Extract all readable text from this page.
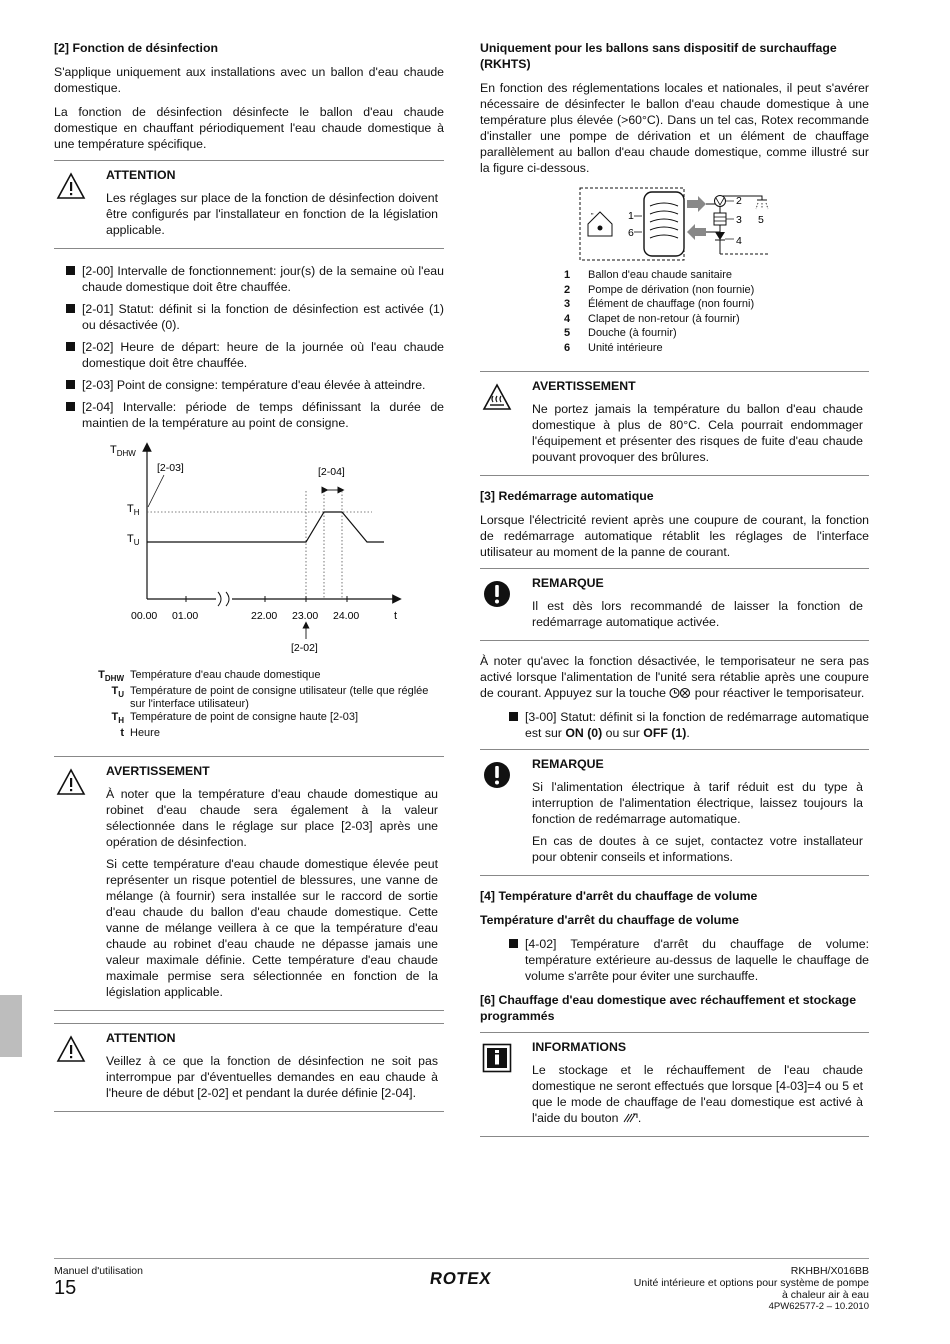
[2] Fonction de désinfection
S'applique uniquement aux installations avec un ballon d'eau chaude domestique.
La fonction de désinfection désinfecte le ballon d'eau chaude domestique en chauffant périodiquement l'eau chaude domestique à une température spécifique.
ATTENTION
Les réglages sur place de la fonction de désinfection doivent être configurés par l'installateur en fonction de la législation applicable.
[2-00] Intervalle de fonctionnement: jour(s) de la semaine où l'eau chaude domestique doit être chauffée.
[2-01] Statut: définit si la fonction de désinfection est activée (1) ou désactivée (0).
[2-02] Heure de départ: heure de la journée où l'eau chaude domestique doit être chauffée.
[2-03] Point de consigne: température d'eau élevée à atteindre.
[2-04] Intervalle: période de temps définissant la durée de maintien de la température au point de consigne.
$T_{DHW}$
$T_H$
$T_U$
[2-03]	[2-04]
00.00 01.00	22.00 23.00 24.00	t
[2-02]
$T_{DHW}$ Température d'eau chaude domestique
$T_U$ Température de point de consigne utilisateur (telle que réglée sur l'interface utilisateur)
$T_H$ Température de point de consigne haute [2-03]
t Heure
AVERTISSEMENT
À noter que la température d'eau chaude domestique au robinet d'eau chaude sera également à la valeur sélectionnée dans le réglage sur place [2-03] après une opération de désinfection.
Si cette température d'eau chaude domestique élevée peut représenter un risque potentiel de blessures, une vanne de mélange (à fournir) sera installée sur le raccord de sortie d'eau chaude du ballon d'eau chaude domestique. Cette vanne de mélange veillera à ce que la température d'eau chaude au robinet d'eau chaude ne dépasse jamais une valeur maximale définie. Cette température d'eau chaude maximale permise sera sélectionnée en fonction de la législation applicable.
ATTENTION
Veillez à ce que la fonction de désinfection ne soit pas interrompue par d'éventuelles demandes en eau chaude à l'heure de début [2-02] et pendant la durée définie [2-04].
Uniquement pour les ballons sans dispositif de surchauffage (RKHTS)
En fonction des réglementations locales et nationales, il peut s'avérer nécessaire de désinfecter le ballon d'eau chaude domestique à une température plus élevée (>60°C). Dans un tel cas, Rotex recommande d'installer une pompe de dérivation et un élément de chauffage parallèlement au ballon d'eau chaude domestique, comme illustré sur la figure ci-dessous.
"	1
6
2
3
4
5
1	Ballon d'eau chaude sanitaire
2	Pompe de dérivation (non fournie)
3	Élément de chauffage (non fourni)
4	Clapet de non-retour (à fournir)
5	Douche (à fournir)
6	Unité intérieure
AVERTISSEMENT
Ne portez jamais la température du ballon d'eau chaude domestique à plus de 80°C. Cela pourrait endommager l'équipement et présenter des risques de fuite d'eau chaude pouvant provoquer des brûlures.
[3] Redémarrage automatique
Lorsque l'électricité revient après une coupure de courant, la fonction de redémarrage automatique rétablit les réglages de l'interface utilisateur au moment de la panne de courant.
REMARQUE
Il est dès lors recommandé de laisser la fonction de redémarrage automatique activée.
À noter qu'avec la fonction désactivée, le temporisateur ne sera pas activé lorsque l'alimentation de l'unité sera rétablie après une coupure de courant. Appuyez sur la touche pour réactiver le temporisateur.
[3-00] Statut: définit si la fonction de redémarrage automatique est sur ON (0) ou sur OFF (1).
REMARQUE
Si l'alimentation électrique à tarif réduit est du type à interruption de l'alimentation électrique, laissez toujours la fonction de redémarrage automatique.
En cas de doutes à ce sujet, contactez votre installateur pour obtenir conseils et informations.
[4] Température d'arrêt du chauffage de volume
Température d'arrêt du chauffage de volume
[4-02] Température d'arrêt du chauffage de volume: température extérieure au-dessus de laquelle le chauffage de volume s'arrête pour éviter une surchauffe.
[6] Chauffage d'eau domestique avec réchauffement et stockage programmés
INFORMATIONS
Le stockage et le réchauffement de l'eau chaude domestique ne seront effectués que lorsque [4-03]=4 ou 5 et que le mode de chauffage de l'eau domestique est activé à l'aide du bouton .
Manuel d'utilisation
15	ROTEX	RKHBH/X016BB
Unité intérieure et options pour système de pompe
à chaleur air à eau
4PW62577-2 – 10.2010
